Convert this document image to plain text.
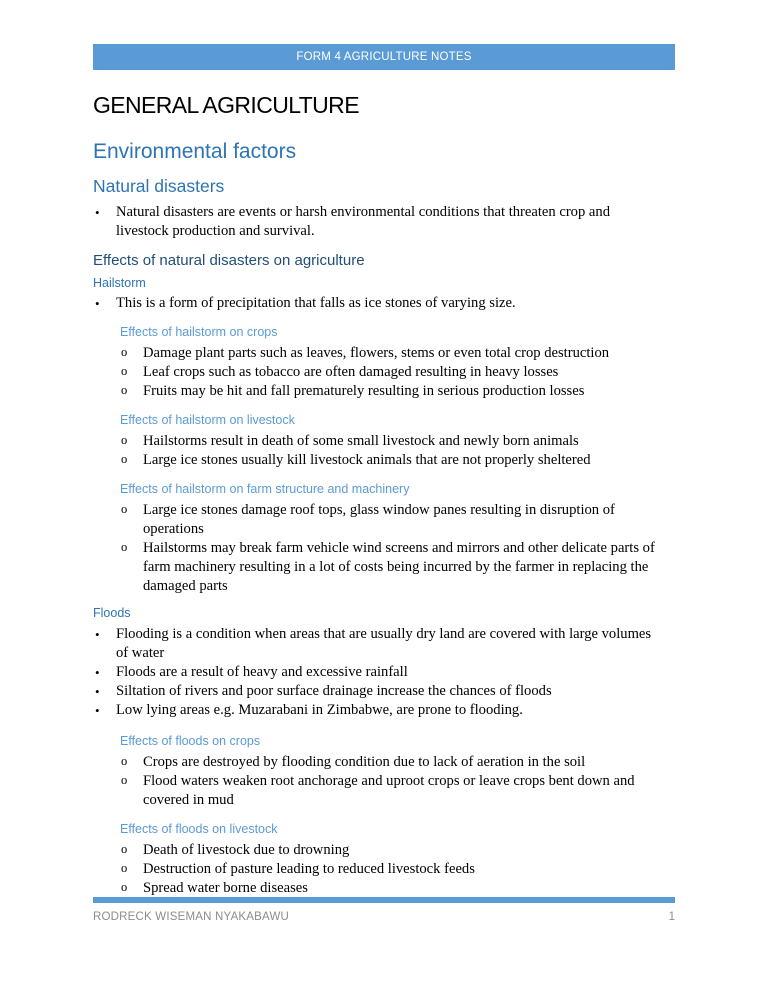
FORM 4 AGRICULTURE NOTES
GENERAL AGRICULTURE
Environmental factors
Natural disasters
• Natural disasters are events or harsh environmental conditions that threaten crop and livestock production and survival.
Effects of natural disasters on agriculture
Hailstorm
• This is a form of precipitation that falls as ice stones of varying size.
Effects of hailstorm on crops
o Damage plant parts such as leaves, flowers, stems or even total crop destruction
o Leaf crops such as tobacco are often damaged resulting in heavy losses
o Fruits may be hit and fall prematurely resulting in serious production losses
Effects of hailstorm on livestock
o Hailstorms result in death of some small livestock and newly born animals
o Large ice stones usually kill livestock animals that are not properly sheltered
Effects of hailstorm on farm structure and machinery
o Large ice stones damage roof tops, glass window panes resulting in disruption of operations
o Hailstorms may break farm vehicle wind screens and mirrors and other delicate parts of farm machinery resulting in a lot of costs being incurred by the farmer in replacing the damaged parts
Floods
• Flooding is a condition when areas that are usually dry land are covered with large volumes of water
• Floods are a result of heavy and excessive rainfall
• Siltation of rivers and poor surface drainage increase the chances of floods
• Low lying areas e.g. Muzarabani in Zimbabwe, are prone to flooding.
Effects of floods on crops
o Crops are destroyed by flooding condition due to lack of aeration in the soil
o Flood waters weaken root anchorage and uproot crops or leave crops bent down and covered in mud
Effects of floods on livestock
o Death of livestock due to drowning
o Destruction of pasture leading to reduced livestock feeds
o Spread water borne diseases
RODRECK WISEMAN NYAKABAWU	1
